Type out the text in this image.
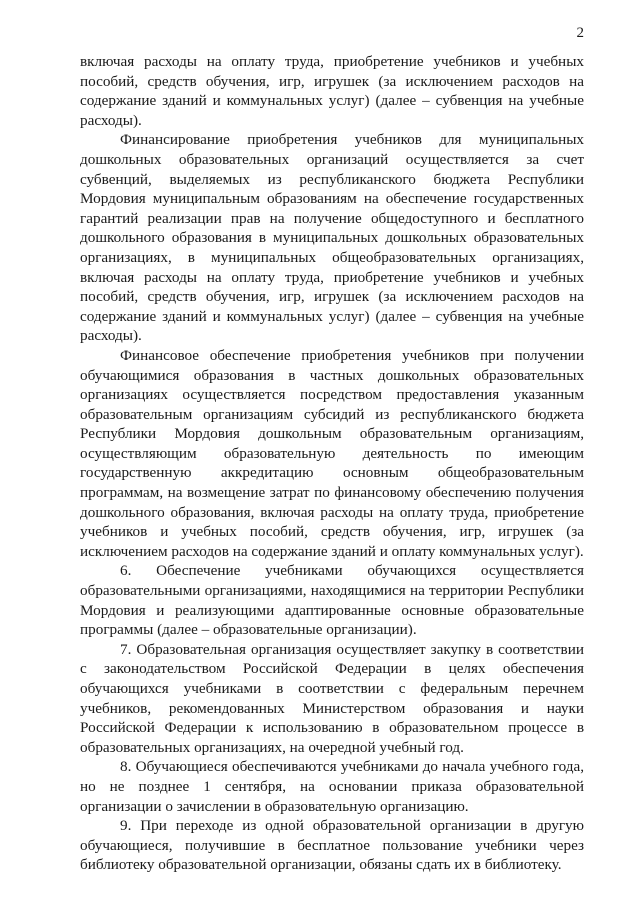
2

включая расходы на оплату труда, приобретение учебников и учебных пособий, средств обучения, игр, игрушек (за исключением расходов на содержание зданий и коммунальных услуг) (далее – субвенция на учебные расходы).

Финансирование приобретения учебников для муниципальных дошкольных образовательных организаций осуществляется за счет субвенций, выделяемых из республиканского бюджета Республики Мордовия муниципальным образованиям на обеспечение государственных гарантий реализации прав на получение общедоступного и бесплатного дошкольного образования в муниципальных дошкольных образовательных организациях, в муниципальных общеобразовательных организациях, включая расходы на оплату труда, приобретение учебников и учебных пособий, средств обучения, игр, игрушек (за исключением расходов на содержание зданий и коммунальных услуг) (далее – субвенция на учебные расходы).

Финансовое обеспечение приобретения учебников при получении обучающимися образования в частных дошкольных образовательных организациях осуществляется посредством предоставления указанным образовательным организациям субсидий из республиканского бюджета Республики Мордовия дошкольным образовательным организациям, осуществляющим образовательную деятельность по имеющим государственную аккредитацию основным общеобразовательным программам, на возмещение затрат по финансовому обеспечению получения дошкольного образования, включая расходы на оплату труда, приобретение учебников и учебных пособий, средств обучения, игр, игрушек (за исключением расходов на содержание зданий и оплату коммунальных услуг).

6. Обеспечение учебниками обучающихся осуществляется образовательными организациями, находящимися на территории Республики Мордовия и реализующими адаптированные основные образовательные программы (далее – образовательные организации).

7. Образовательная организация осуществляет закупку в соответствии с законодательством Российской Федерации в целях обеспечения обучающихся учебниками в соответствии с федеральным перечнем учебников, рекомендованных Министерством образования и науки Российской Федерации к использованию в образовательном процессе в образовательных организациях, на очередной учебный год.

8. Обучающиеся обеспечиваются учебниками до начала учебного года, но не позднее 1 сентября, на основании приказа образовательной организации о зачислении в образовательную организацию.

9. При переходе из одной образовательной организации в другую обучающиеся, получившие в бесплатное пользование учебники через библиотеку образовательной организации, обязаны сдать их в библиотеку.
